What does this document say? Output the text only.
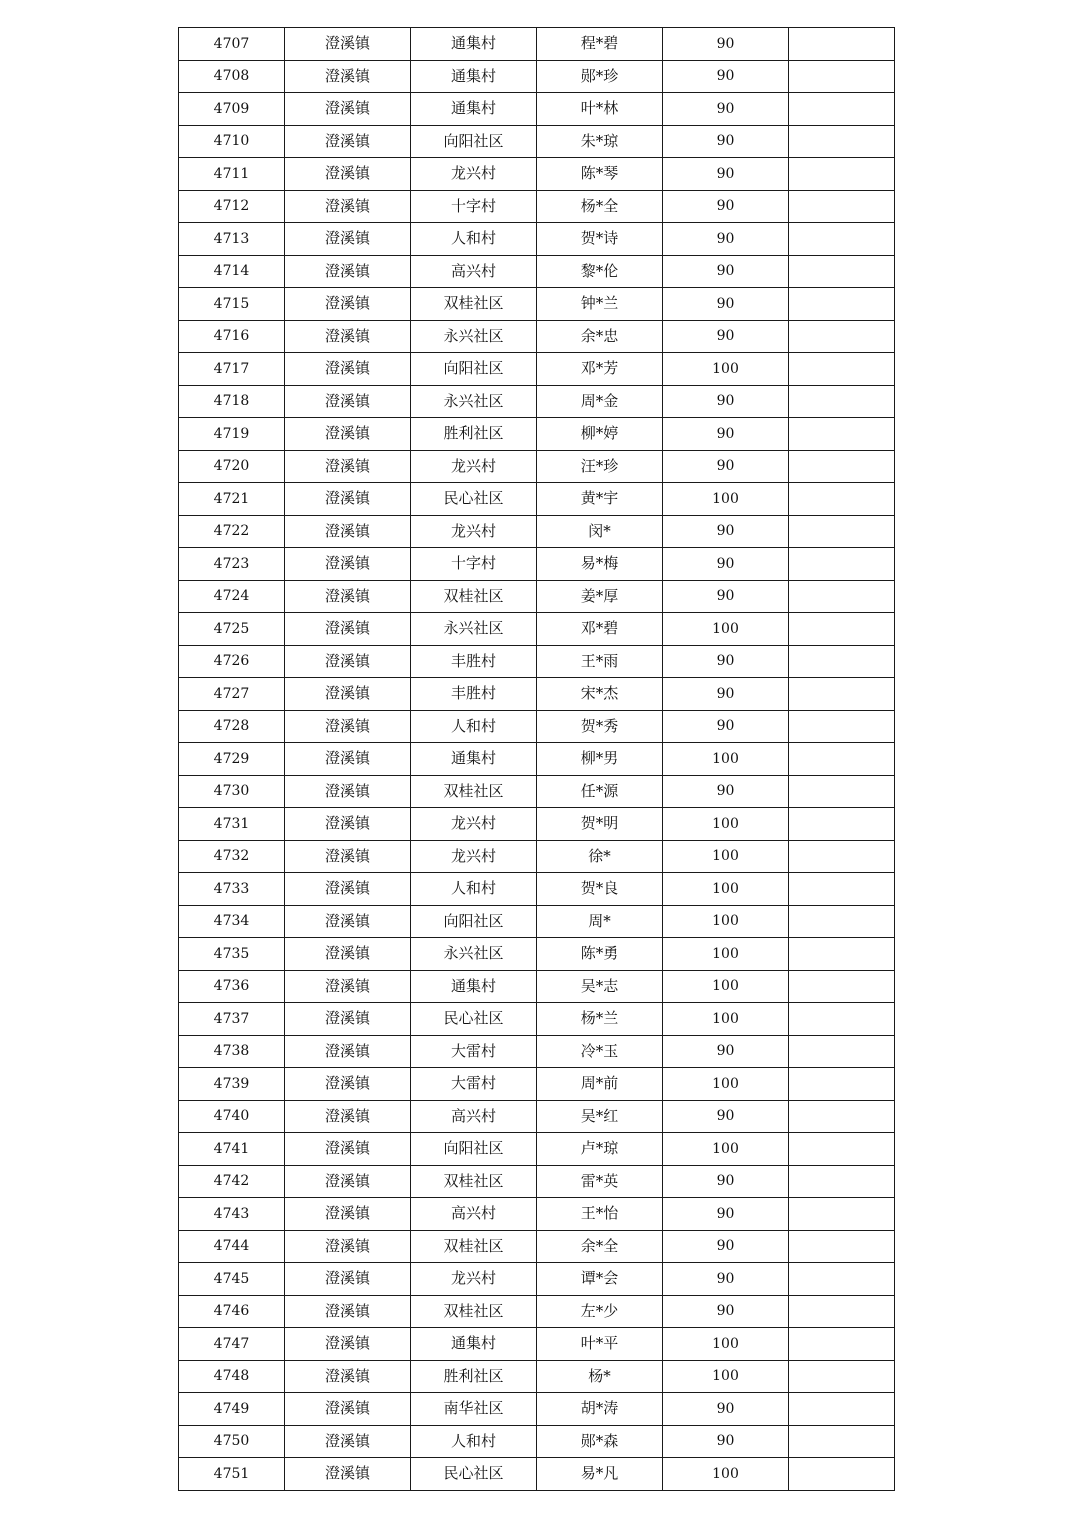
4707	澄溪镇	通集村	程*碧	90	
4708	澄溪镇	通集村	郧*珍	90	
4709	澄溪镇	通集村	叶*林	90	
4710	澄溪镇	向阳社区	朱*琼	90	
4711	澄溪镇	龙兴村	陈*琴	90	
4712	澄溪镇	十字村	杨*全	90	
4713	澄溪镇	人和村	贺*诗	90	
4714	澄溪镇	高兴村	黎*伦	90	
4715	澄溪镇	双桂社区	钟*兰	90	
4716	澄溪镇	永兴社区	余*忠	90	
4717	澄溪镇	向阳社区	邓*芳	100	
4718	澄溪镇	永兴社区	周*金	90	
4719	澄溪镇	胜利社区	柳*婷	90	
4720	澄溪镇	龙兴村	汪*珍	90	
4721	澄溪镇	民心社区	黄*宇	100	
4722	澄溪镇	龙兴村	闵*	90	
4723	澄溪镇	十字村	易*梅	90	
4724	澄溪镇	双桂社区	姜*厚	90	
4725	澄溪镇	永兴社区	邓*碧	100	
4726	澄溪镇	丰胜村	王*雨	90	
4727	澄溪镇	丰胜村	宋*杰	90	
4728	澄溪镇	人和村	贺*秀	90	
4729	澄溪镇	通集村	柳*男	100	
4730	澄溪镇	双桂社区	任*源	90	
4731	澄溪镇	龙兴村	贺*明	100	
4732	澄溪镇	龙兴村	徐*	100	
4733	澄溪镇	人和村	贺*良	100	
4734	澄溪镇	向阳社区	周*	100	
4735	澄溪镇	永兴社区	陈*勇	100	
4736	澄溪镇	通集村	吴*志	100	
4737	澄溪镇	民心社区	杨*兰	100	
4738	澄溪镇	大雷村	冷*玉	90	
4739	澄溪镇	大雷村	周*前	100	
4740	澄溪镇	高兴村	吴*红	90	
4741	澄溪镇	向阳社区	卢*琼	100	
4742	澄溪镇	双桂社区	雷*英	90	
4743	澄溪镇	高兴村	王*怡	90	
4744	澄溪镇	双桂社区	余*全	90	
4745	澄溪镇	龙兴村	谭*会	90	
4746	澄溪镇	双桂社区	左*少	90	
4747	澄溪镇	通集村	叶*平	100	
4748	澄溪镇	胜利社区	杨*	100	
4749	澄溪镇	南华社区	胡*涛	90	
4750	澄溪镇	人和村	郧*森	90	
4751	澄溪镇	民心社区	易*凡	100	
